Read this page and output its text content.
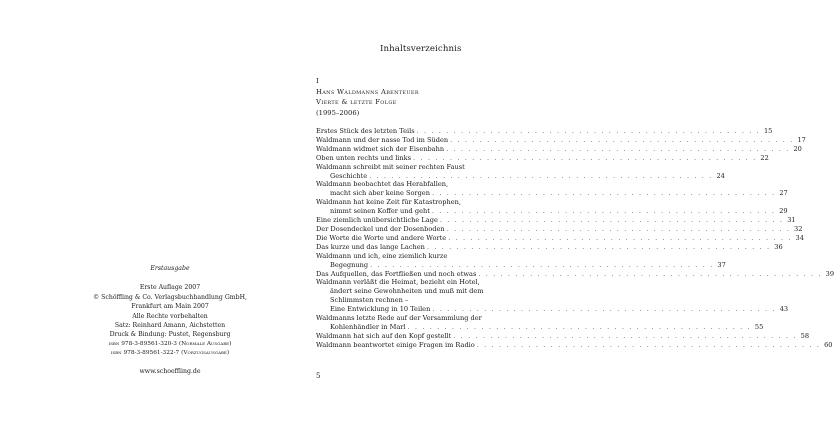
Erstausgabe
Erste Auflage 2007
© Schöffling & Co. Verlagsbuchhandlung GmbH,
Frankfurt am Main 2007
Alle Rechte vorbehalten
Satz: Reinhard Amann, Aichstetten
Druck & Bindung: Pustet, Regensburg
isbn 978-3-89561-320-3 (Normale Ausgabe)
isbn 978-3-89561-322-7 (Vorzugsausgabe)
www.schoeffling.de
Inhaltsverzeichnis
I
Hans Waldmanns Abenteuer
Vierte & letzte Folge
(1995–2006)
Erstes Stück des letzten Teils . . . . . . . . . . . . . . . . . . . . . . . . . . . . . . . . . . . . . . . . . . . . . . . 15
Waldmann und der nasse Tod im Süden . . . . . . . . . . . . . . . . . . . . . . . . . . . . . . . . . . . . . . . . . . . . . . . 17
Waldmann widmet sich der Eisenbahn . . . . . . . . . . . . . . . . . . . . . . . . . . . . . . . . . . . . . . . . . . . . . . . 20
Oben unten rechts und links . . . . . . . . . . . . . . . . . . . . . . . . . . . . . . . . . . . . . . . . . . . . . . . 22
Waldmann schreibt mit seiner rechten Faust
Geschichte . . . . . . . . . . . . . . . . . . . . . . . . . . . . . . . . . . . . . . . . . . . . . . . 24
Waldmann beobachtet das Herabfallen,
macht sich aber keine Sorgen . . . . . . . . . . . . . . . . . . . . . . . . . . . . . . . . . . . . . . . . . . . . . . . 27
Waldmann hat keine Zeit für Katastrophen,
nimmt seinen Koffer und geht . . . . . . . . . . . . . . . . . . . . . . . . . . . . . . . . . . . . . . . . . . . . . . . 29
Eine ziemlich unübersichtliche Lage . . . . . . . . . . . . . . . . . . . . . . . . . . . . . . . . . . . . . . . . . . . . . . . 31
Der Dosendeckel und der Dosenboden . . . . . . . . . . . . . . . . . . . . . . . . . . . . . . . . . . . . . . . . . . . . . . . 32
Die Worte die Worte und andere Worte . . . . . . . . . . . . . . . . . . . . . . . . . . . . . . . . . . . . . . . . . . . . . . . 34
Das kurze und das lange Lachen . . . . . . . . . . . . . . . . . . . . . . . . . . . . . . . . . . . . . . . . . . . . . . . 36
Waldmann und ich, eine ziemlich kurze
Begegnung . . . . . . . . . . . . . . . . . . . . . . . . . . . . . . . . . . . . . . . . . . . . . . . 37
Das Aufquellen, das Fortfließen und noch etwas . . . . . . . . . . . . . . . . . . . . . . . . . . . . . . . . . . . . . . . . . . . . . . . 39
Waldmann verläßt die Heimat, bezieht ein Hotel,
ändert seine Gewohnheiten und muß mit dem
Schlimmsten rechnen –
Eine Entwicklung in 10 Teilen . . . . . . . . . . . . . . . . . . . . . . . . . . . . . . . . . . . . . . . . . . . . . . . 43
Waldmanns letzte Rede auf der Versammlung der
Kohlenhändler in Marl . . . . . . . . . . . . . . . . . . . . . . . . . . . . . . . . . . . . . . . . . . . . . . . 55
Waldmann hat sich auf den Kopf gestellt . . . . . . . . . . . . . . . . . . . . . . . . . . . . . . . . . . . . . . . . . . . . . . . 58
Waldmann beantwortet einige Fragen im Radio . . . . . . . . . . . . . . . . . . . . . . . . . . . . . . . . . . . . . . . . . . . . . . . 60
5
